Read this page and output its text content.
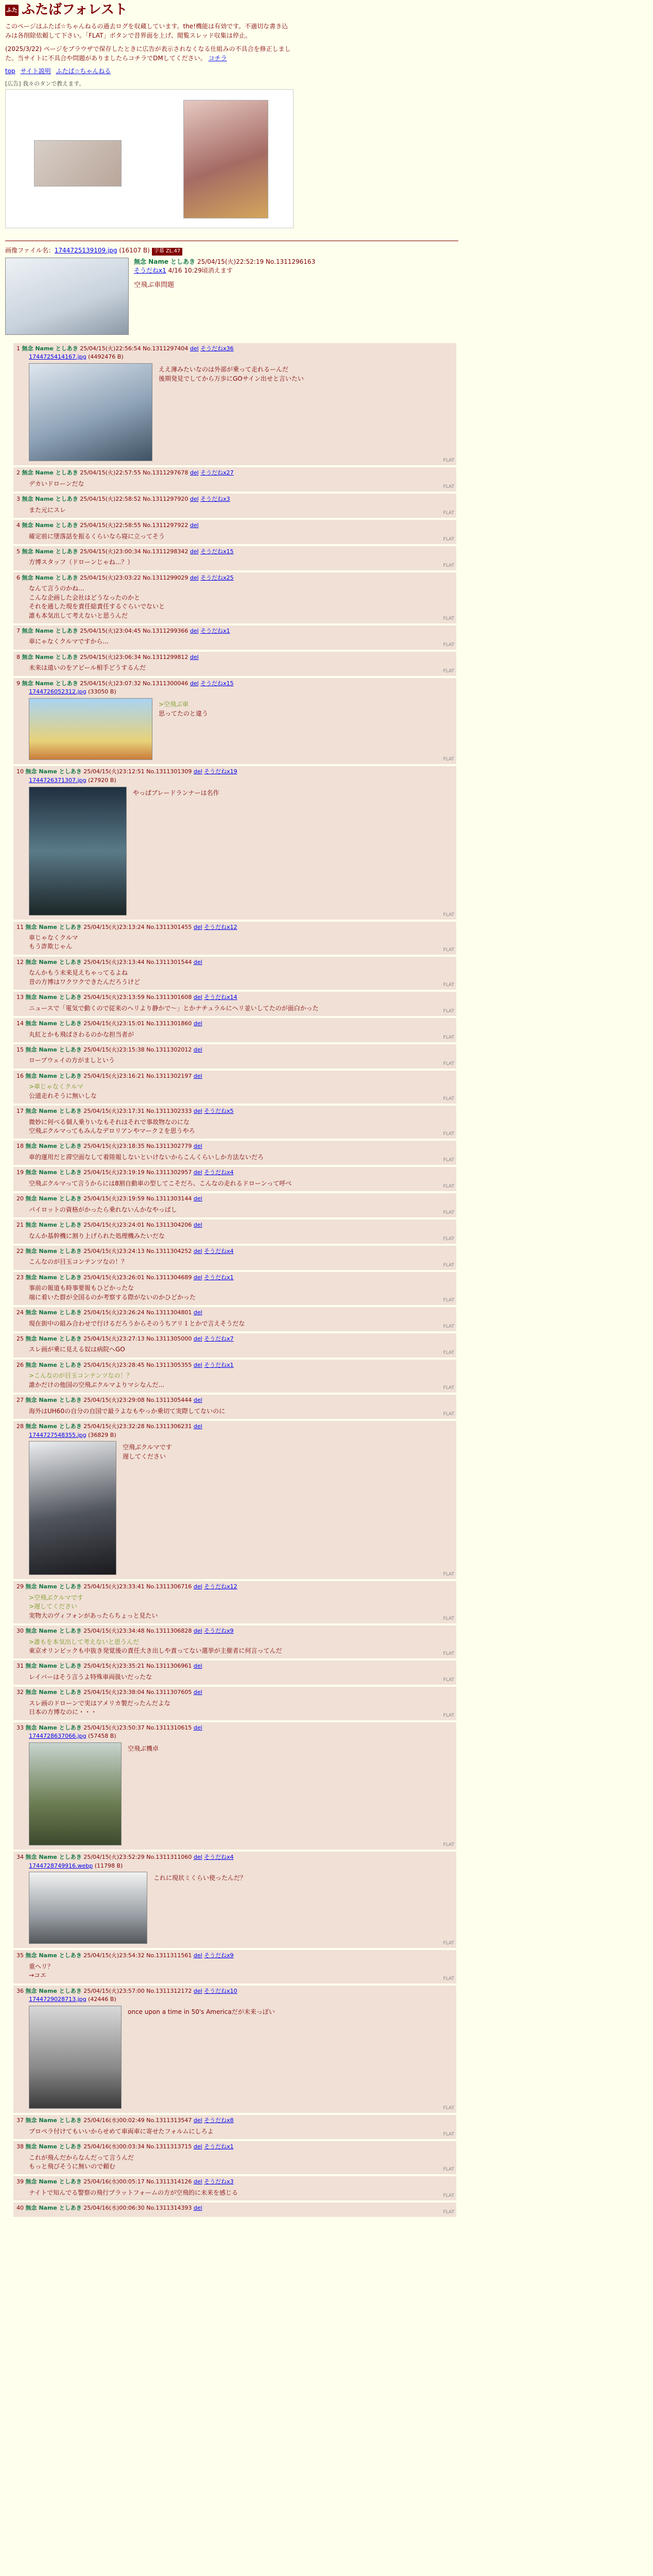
ふた ふたばフォレスト

このページはふたば☆ちゃんねるの過去ログを収蔵しています。the!機能は有効です。不適切な書き込みは各削除依頼して下さい。「FLAT」ボタンで昔界面を上げ、閲覧スレッド収集は停止。

(2025/3/22) ページをブラウザで保存したときに広告が表示されなくなる仕組みの不具合を修正しました。当サイトに不具合や問題がありましたらコチラでDMしてください。 コチラ

top サイト説明 ふたば☆ちゃんねる
[広告] 我々のタンで教えます。
画像ファイル名：1744725139109.jpg (16107 B) 字幕 ZL.47
無念 Name としあき 25/04/15(火)22:52:19 No.1311296163
そうだねx1 4/16 10:29頃消えます
空飛ぶ車問題
1 無念 Name としあき 25/04/15(火)22:56:54 No.1311297404 del そうだねx36
1744725414167.jpg (4492476 B)
ええ薄みたいなのは外部が乗って走れるーんだ
後期発見でしてから万歩にGOサイン出せと言いたい
FLAT
2 無念 Name としあき 25/04/15(火)22:57:55 No.1311297678 del そうだねx27
デカいドローンだな	FLAT
3 無念 Name としあき 25/04/15(火)22:58:52 No.1311297920 del そうだねx3
また元にスレ	FLAT
4 無念 Name としあき 25/04/15(火)22:58:55 No.1311297922 del
確定前に墜落話を振るくらいなら寝に立ってそう	FLAT
5 無念 Name としあき 25/04/15(火)23:00:34 No.1311298342 del そうだねx15
方博スタッフ（ドローンじゃね...？）	FLAT
6 無念 Name としあき 25/04/15(火)23:03:22 No.1311299029 del そうだねx25
なんて言うのかね...
こんな企画した会社はどうなったのかと
それを通した現を責任総責任するぐらいでないと
誰も本気出して考えないと思うんだ	FLAT
7 無念 Name としあき 25/04/15(火)23:04:45 No.1311299366 del そうだねx1
車にゃなくクルマですから...	FLAT
8 無念 Name としあき 25/04/15(火)23:06:34 No.1311299812 del
未来は遠いのをアピール相手どうするんだ	FLAT
9 無念 Name としあき 25/04/15(火)23:07:32 No.1311300046 del そうだねx15
1744726052312.jpg (33050 B)
>空飛ぶ車
思ってたのと違う
FLAT
10 無念 Name としあき 25/04/15(火)23:12:51 No.1311301309 del そうだねx19
1744726371307.jpg (27920 B)
やっぱブレードランナーは名作
FLAT
11 無念 Name としあき 25/04/15(火)23:13:24 No.1311301455 del そうだねx12
車じゃなくクルマ
もう詐欺じゃん	FLAT
12 無念 Name としあき 25/04/15(火)23:13:44 No.1311301544 del
なんかもう未来見えちゃってるよね
昔の方博はワクワクできたんだろうけど	FLAT
13 無念 Name としあき 25/04/15(火)23:13:59 No.1311301608 del そうだねx14
ニュースで「電気で動くので従来のヘリより静かで～」とかナチュラルにヘリ並いしてたのが面白かった	FLAT
14 無念 Name としあき 25/04/15(火)23:15:01 No.1311301860 del
丸紅とかも飛ばさわるのかな担当者が	FLAT
15 無念 Name としあき 25/04/15(火)23:15:38 No.1311302012 del
ロープウェイの方がましという	FLAT
16 無念 Name としあき 25/04/15(火)23:16:21 No.1311302197 del
>車じゃなくクルマ
公道走れそうに無いしな	FLAT
17 無念 Name としあき 25/04/15(火)23:17:31 No.1311302333 del そうだねx5
微妙に何べる個人乗りいなもそれはそれで事故物なのにな
空飛ぶクルマってもみんなデロリアンやマーク２を思うやろ	FLAT
18 無念 Name としあき 25/04/15(火)23:18:35 No.1311302779 del
車的運用だと滞空面なして着陸報しないといけないからこんくらいしか方法ないだろ	FLAT
19 無念 Name としあき 25/04/15(火)23:19:19 No.1311302957 del そうだねx4
空飛ぶクルマって言うからには8割自動車の型してこそだろ、こんなの走れるドローンって呼べ	FLAT
20 無念 Name としあき 25/04/15(火)23:19:59 No.1311303144 del
パイロットの資格がかったら乗れないんかなやっぱし	FLAT
21 無念 Name としあき 25/04/15(火)23:24:01 No.1311304206 del
なんか基幹機に割り上げられた処理機みたいだな	FLAT
22 無念 Name としあき 25/04/15(火)23:24:13 No.1311304252 del そうだねx4
こんなのが目玉コンテンツなの！？	FLAT
23 無念 Name としあき 25/04/15(火)23:26:01 No.1311304689 del そうだねx1
事前の報道も時事要報もひどかったな
端に着いた群が全国るのか考察する際がないのかひどかった	FLAT
24 無念 Name としあき 25/04/15(火)23:26:24 No.1311304801 del
現在街中の組み合わせで行けるだろうからそのうちアリ１とかで言えそうだな	FLAT
25 無念 Name としあき 25/04/15(火)23:27:13 No.1311305000 del そうだねx7
スレ画が乗に見える奴は病院へGO	FLAT
26 無念 Name としあき 25/04/15(火)23:28:45 No.1311305355 del そうだねx1
>こんなのが目玉コンテンツなの！？
誰かだけの他国の空飛ぶクルマよりマシなんだ...	FLAT
27 無念 Name としあき 25/04/15(火)23:29:08 No.1311305444 del
海外はUH60の自分の自国で最ラよなもやっか乗切て実際してないのに	FLAT
28 無念 Name としあき 25/04/15(火)23:32:28 No.1311306231 del
1744727548355.jpg (36829 B)
空飛ぶクルマです
遅してください
FLAT
29 無念 Name としあき 25/04/15(火)23:33:41 No.1311306716 del そうだねx12
>空飛ぶクルマです
>遅してください
実物大のヴィフォンがあったらちょっと見たい	FLAT
30 無念 Name としあき 25/04/15(火)23:34:48 No.1311306828 del そうだねx9
>誰もを本気出して考えないと思うんだ
東京オリンピックも中抜き発覚後の責任大き出しや責ってない選挙が主催者に何言ってんだ	FLAT
31 無念 Name としあき 25/04/15(火)23:35:21 No.1311306961 del
レイバーはそう言うよ特殊車両扱いだったな	FLAT
32 無念 Name としあき 25/04/15(火)23:38:04 No.1311307605 del
スレ画のドローンで実はアメリカ製だったんだよな
日本の方博なのに・・・	FLAT
33 無念 Name としあき 25/04/15(火)23:50:37 No.1311310615 del
1744728637066.jpg (57458 B)
空飛ぶ機卓
FLAT
34 無念 Name としあき 25/04/15(火)23:52:29 No.1311311060 del そうだねx4
1744728749916.webp (11798 B)
これに現状ミくらい使ったんだ？
FLAT
35 無念 Name としあき 25/04/15(火)23:54:32 No.1311311561 del そうだねx9
重ヘリ？
→コエ	FLAT
36 無念 Name としあき 25/04/15(火)23:57:00 No.1311312172 del そうだねx10
1744729028713.jpg (42446 B)
once upon a time in 50's Americaだが未来っぽい
FLAT
37 無念 Name としあき 25/04/16(水)00:02:49 No.1311313547 del そうだねx8
プロペラ付けてもいいからせめて車両車に寄せたフォルムにしろよ	FLAT
38 無念 Name としあき 25/04/16(水)00:03:34 No.1311313715 del そうだねx1
これが飛んだからなんだって言うんだ
もっと飛びそうに無いので頼む	FLAT
39 無念 Name としあき 25/04/16(水)00:05:17 No.1311314126 del そうだねx3
ナイトで知んでる警察の飛行プラットフォームの方が空飛的に未来を感じる	FLAT
40 無念 Name としあき 25/04/16(水)00:06:30 No.1311314393 del
FLAT
